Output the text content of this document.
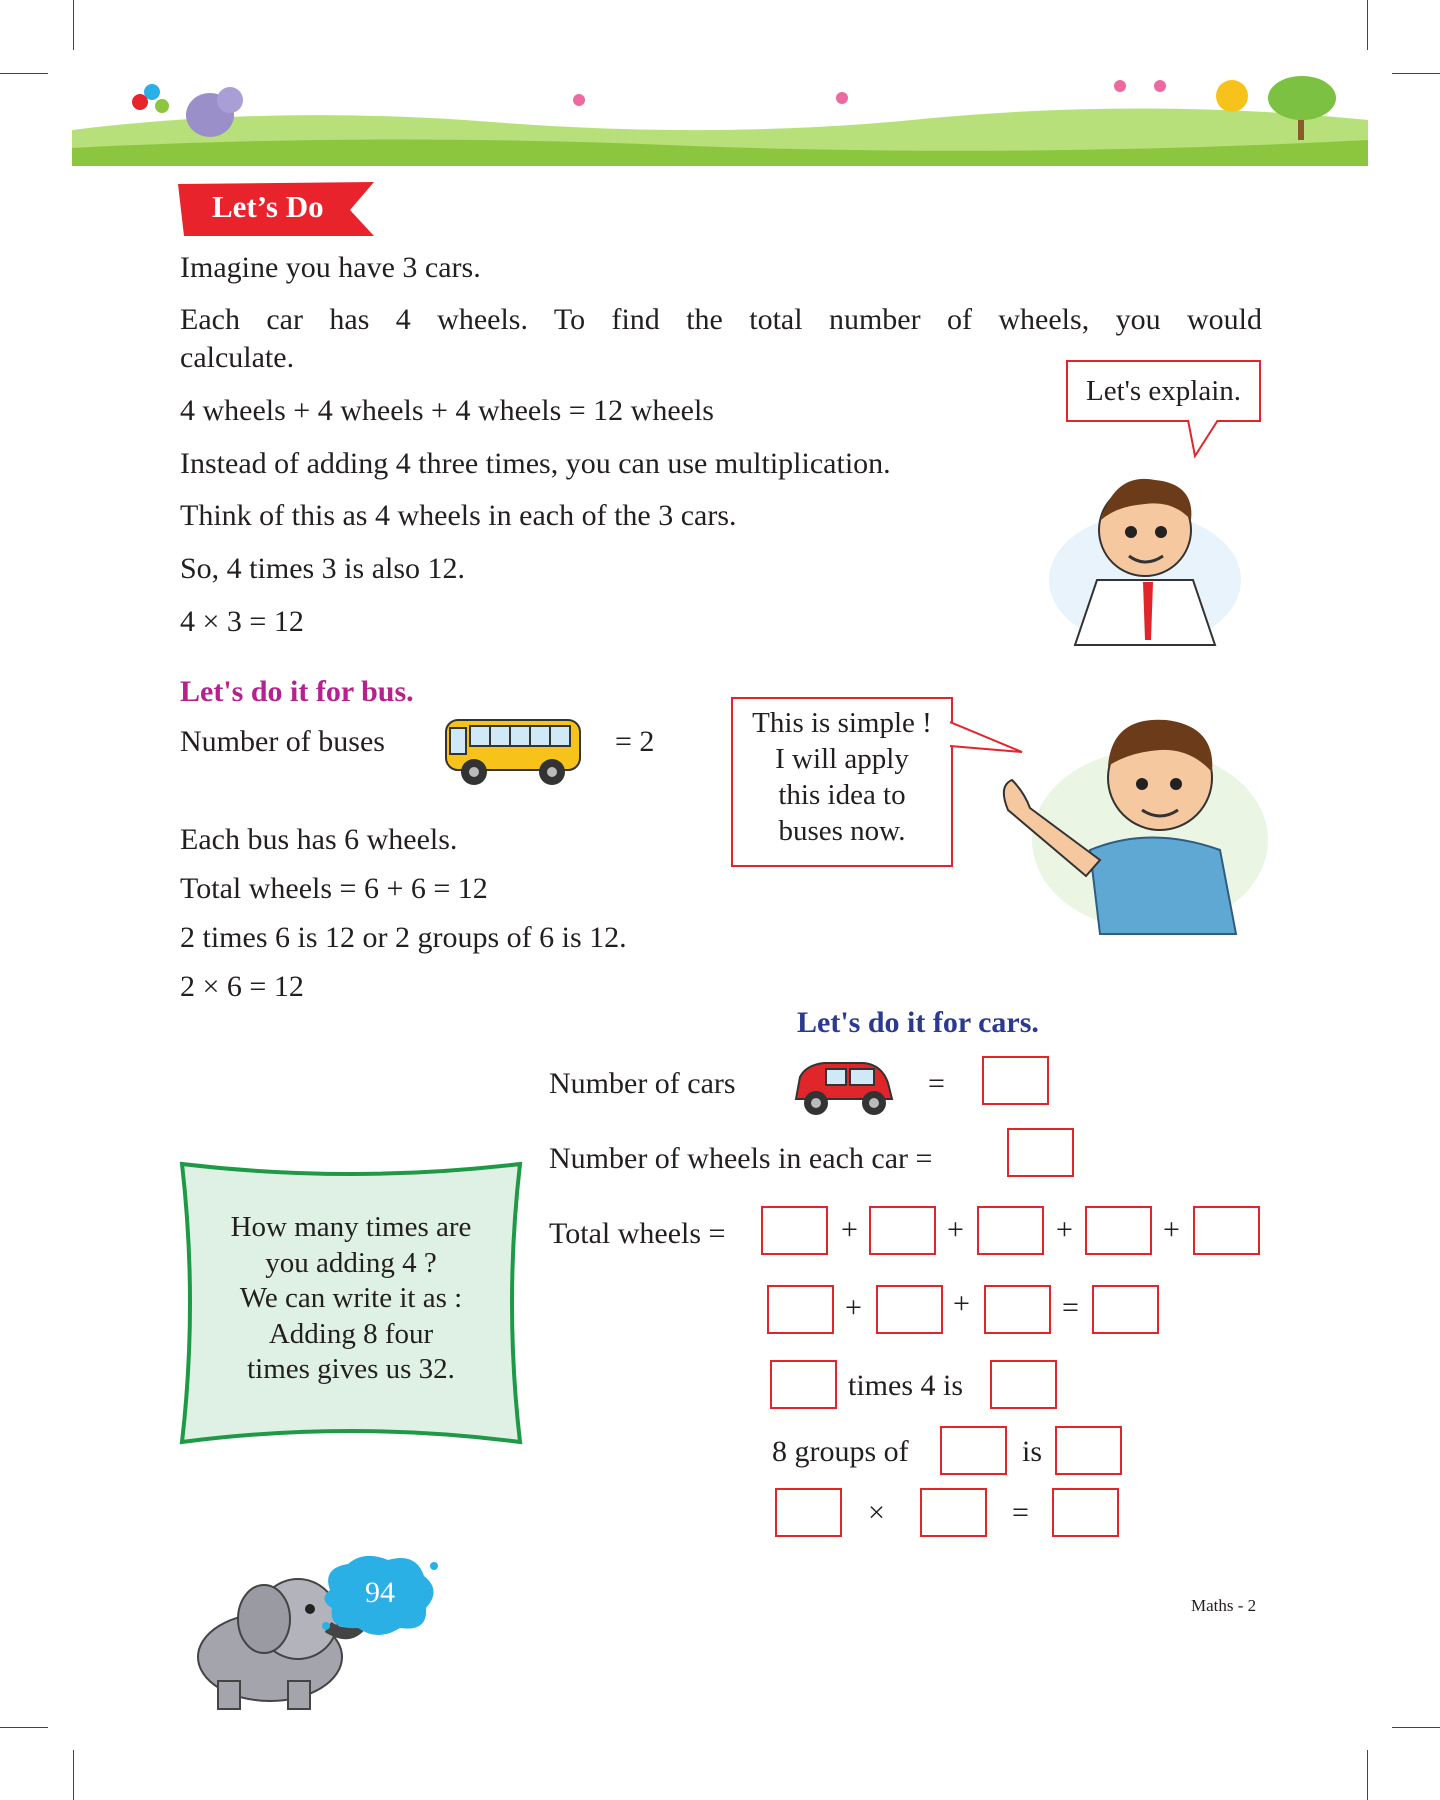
Let’s Do
Imagine you have 3 cars.
Each car has 4 wheels. To find the total number of wheels, you would
calculate.
4 wheels + 4 wheels + 4 wheels = 12 wheels
Instead of adding 4 three times, you can use multiplication.
Think of this as 4 wheels in each of the 3 cars.
So, 4 times 3 is also 12.
4 × 3 = 12
Let's explain.
Let's do it for bus.
Number of buses	= 2
Each bus has 6 wheels.
Total wheels = 6 + 6 = 12
2 times 6 is 12 or 2 groups of 6 is 12.
2 × 6 = 12
This is simple !
I will apply
this idea to
buses now.
Let's do it for cars.
Number of cars	=
Number of wheels in each car =
Total wheels =	+	+	+	+
+	+	=
times 4 is
8 groups of	is
×	=
How many times are
you adding 4 ?
We can write it as :
Adding 8 four
times gives us 32.
94	Maths - 2
